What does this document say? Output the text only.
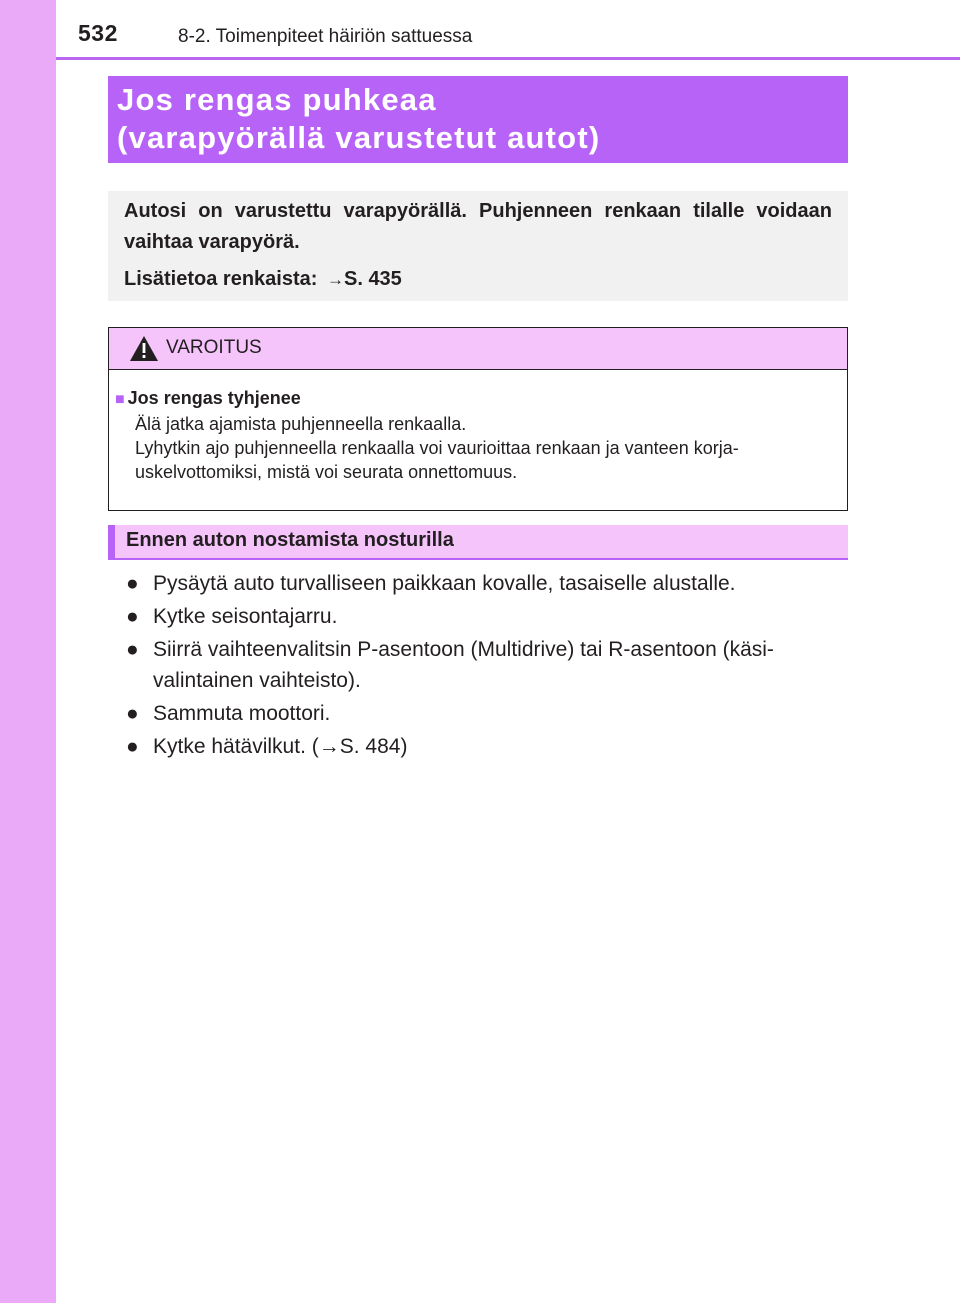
532	8-2. Toimenpiteet häiriön sattuessa
Jos rengas puhkeaa
(varapyörällä varustetut autot)
Autosi on varustettu varapyörällä. Puhjenneen renkaan tilalle voidaan vaihtaa varapyörä.
Lisätietoa renkaista: →S. 435
VAROITUS
■ Jos rengas tyhjenee
Älä jatka ajamista puhjenneella renkaalla.
Lyhytkin ajo puhjenneella renkaalla voi vaurioittaa renkaan ja vanteen korja-uskelvottomiksi, mistä voi seurata onnettomuus.
Ennen auton nostamista nosturilla
● Pysäytä auto turvalliseen paikkaan kovalle, tasaiselle alustalle.
● Kytke seisontajarru.
● Siirrä vaihteenvalitsin P-asentoon (Multidrive) tai R-asentoon (käsi-valintainen vaihteisto).
● Sammuta moottori.
● Kytke hätävilkut. (→S. 484)
